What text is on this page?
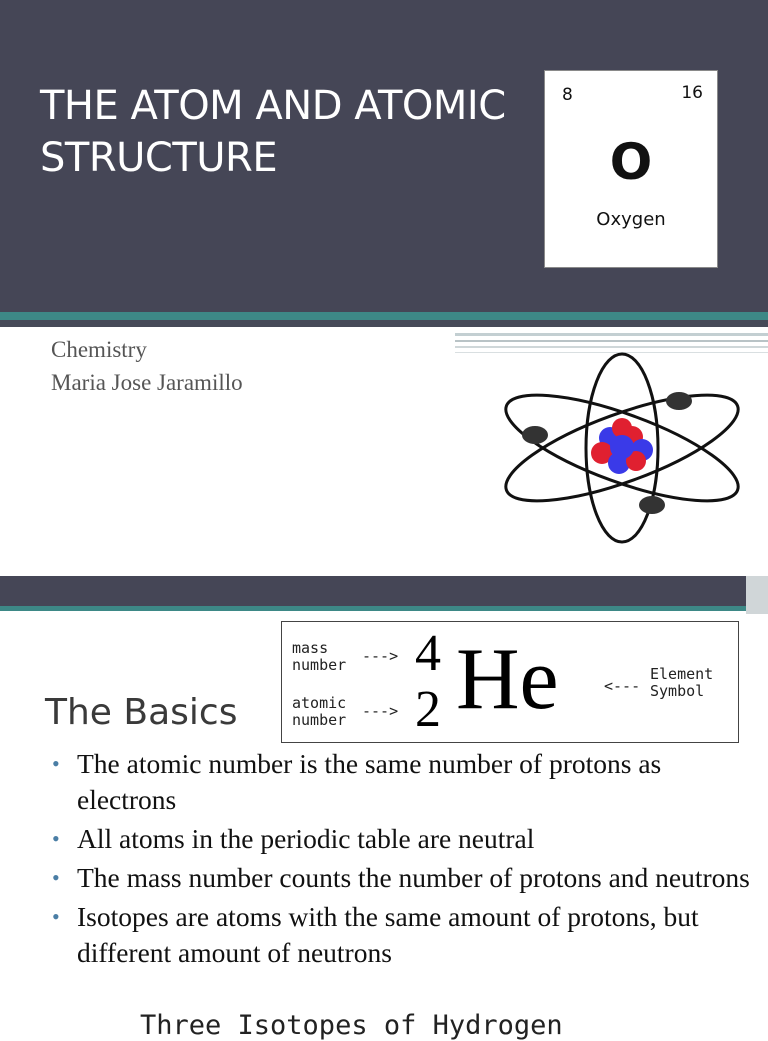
THE ATOM AND ATOMIC
STRUCTURE
8	16
O
Oxygen
Chemistry
Maria Jose Jaramillo
mass
number --->
atomic
number --->
4
2 He	<---
Element
Symbol
The Basics
• The atomic number is the same number of protons as electrons
• All atoms in the periodic table are neutral
• The mass number counts the number of protons and neutrons
• Isotopes are atoms with the same amount of protons, but different amount of neutrons
Three Isotopes of Hydrogen
